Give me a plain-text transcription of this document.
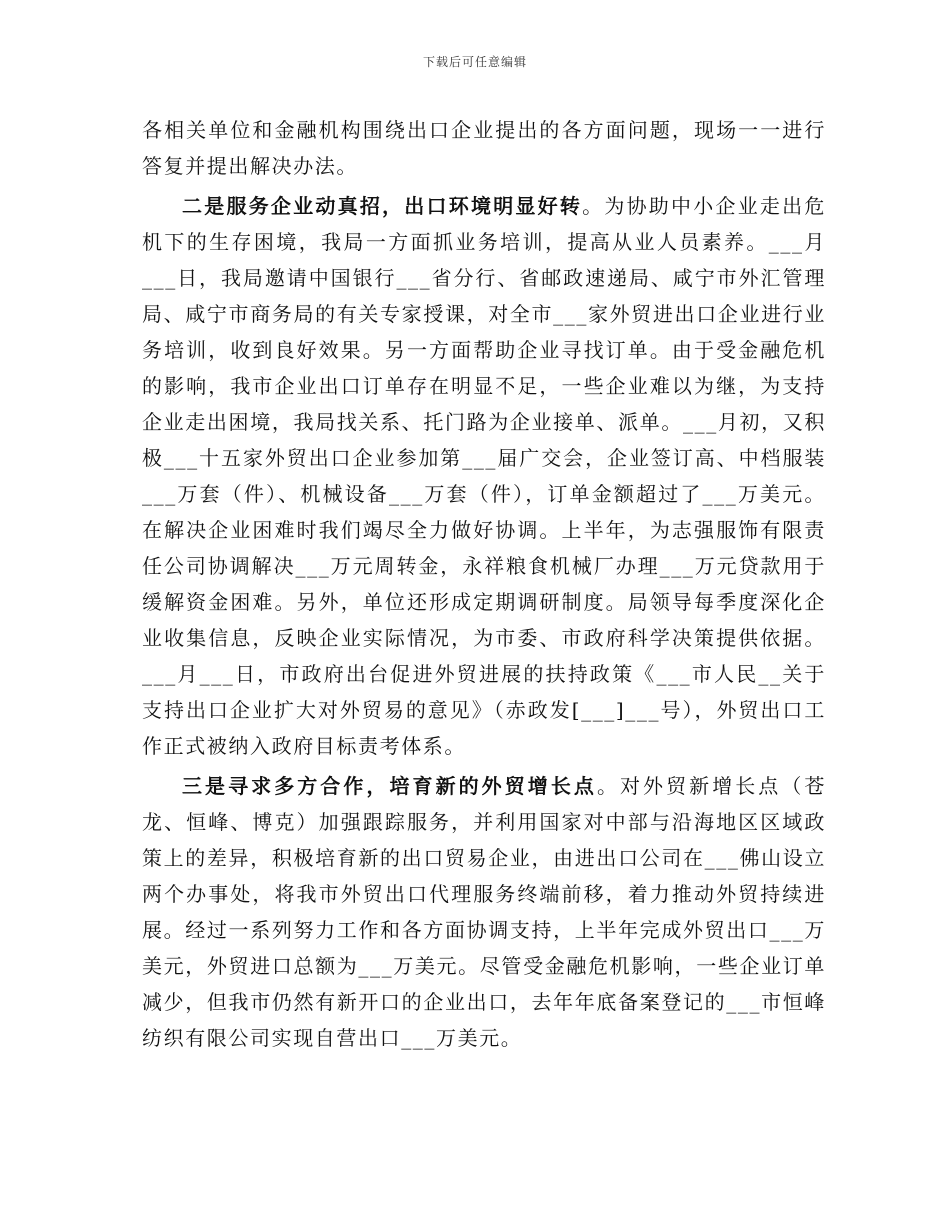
下载后可任意编辑

各相关单位和金融机构围绕出口企业提出的各方面问题，现场一一进行答复并提出解决办法。

二是服务企业动真招，出口环境明显好转。为协助中小企业走出危机下的生存困境，我局一方面抓业务培训，提高从业人员素养。___月___日，我局邀请中国银行___省分行、省邮政速递局、咸宁市外汇管理局、咸宁市商务局的有关专家授课，对全市___家外贸进出口企业进行业务培训，收到良好效果。另一方面帮助企业寻找订单。由于受金融危机的影响，我市企业出口订单存在明显不足，一些企业难以为继，为支持企业走出困境，我局找关系、托门路为企业接单、派单。___月初，又积极___十五家外贸出口企业参加第___届广交会，企业签订高、中档服装___万套（件）、机械设备___万套（件），订单金额超过了___万美元。在解决企业困难时我们竭尽全力做好协调。上半年，为志强服饰有限责任公司协调解决___万元周转金，永祥粮食机械厂办理___万元贷款用于缓解资金困难。另外，单位还形成定期调研制度。局领导每季度深化企业收集信息，反映企业实际情况，为市委、市政府科学决策提供依据。___月___日，市政府出台促进外贸进展的扶持政策《___市人民__关于支持出口企业扩大对外贸易的意见》（赤政发[___]___号），外贸出口工作正式被纳入政府目标责考体系。

三是寻求多方合作，培育新的外贸增长点。对外贸新增长点（苍龙、恒峰、博克）加强跟踪服务，并利用国家对中部与沿海地区区域政策上的差异，积极培育新的出口贸易企业，由进出口公司在___佛山设立两个办事处，将我市外贸出口代理服务终端前移，着力推动外贸持续进展。经过一系列努力工作和各方面协调支持，上半年完成外贸出口___万美元，外贸进口总额为___万美元。尽管受金融危机影响，一些企业订单减少，但我市仍然有新开口的企业出口，去年年底备案登记的___市恒峰纺织有限公司实现自营出口___万美元。
